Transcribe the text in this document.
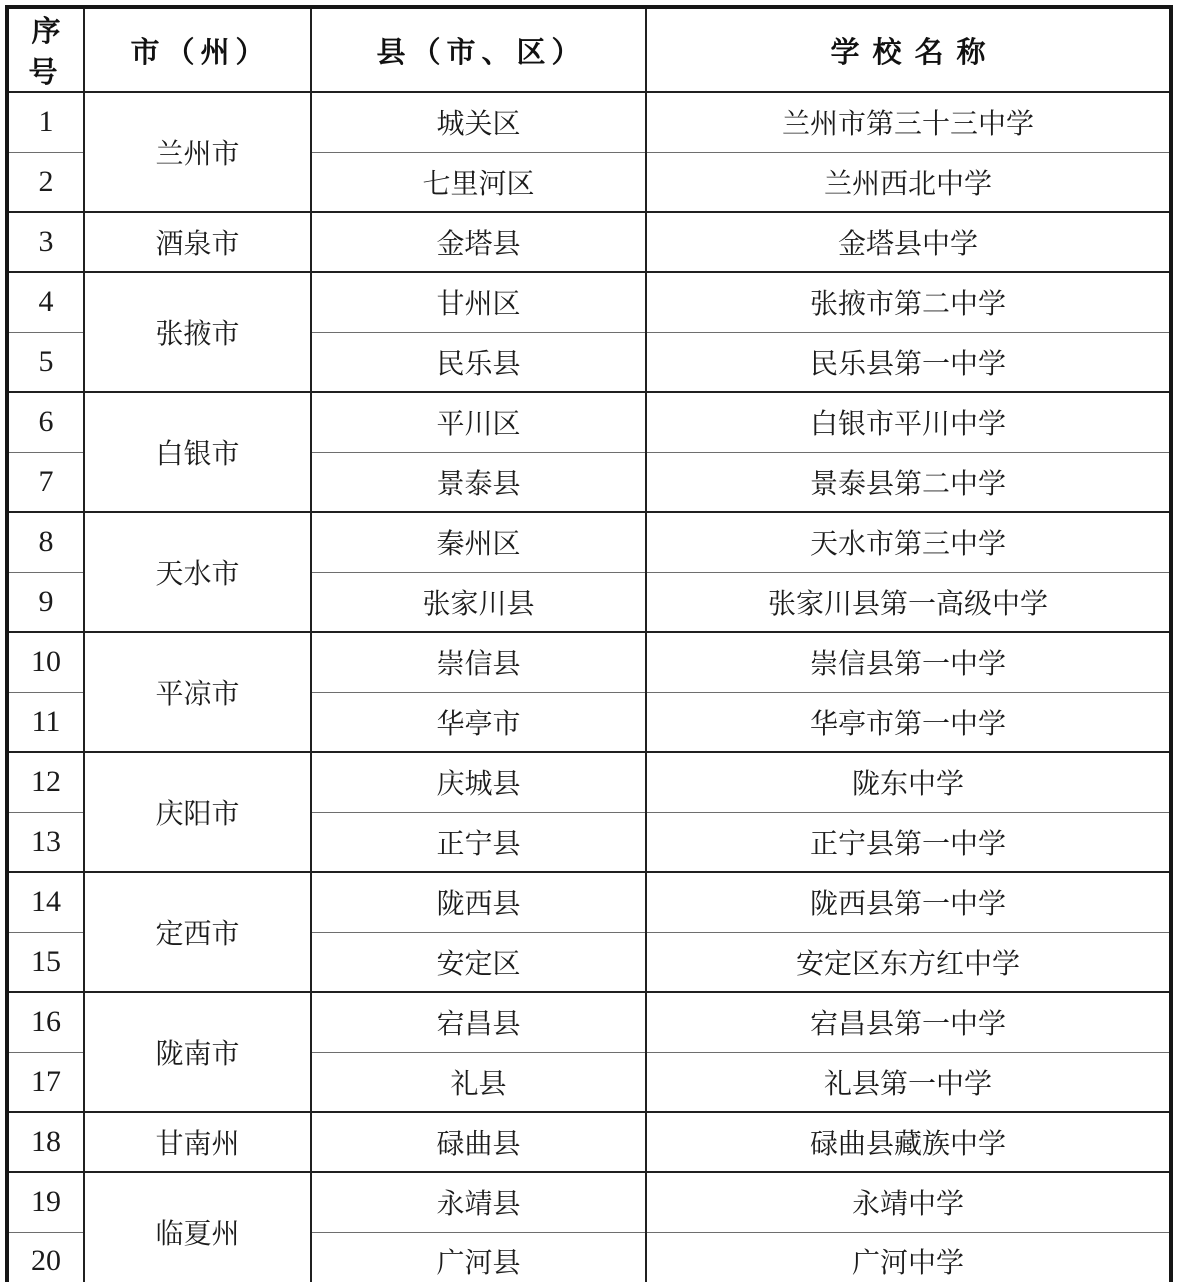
序号	市（州）	县（市、区）	学校名称
1	兰州市	城关区	兰州市第三十三中学
2		七里河区	兰州西北中学
3	酒泉市	金塔县	金塔县中学
4	张掖市	甘州区	张掖市第二中学
5		民乐县	民乐县第一中学
6	白银市	平川区	白银市平川中学
7		景泰县	景泰县第二中学
8	天水市	秦州区	天水市第三中学
9		张家川县	张家川县第一高级中学
10	平凉市	崇信县	崇信县第一中学
11		华亭市	华亭市第一中学
12	庆阳市	庆城县	陇东中学
13		正宁县	正宁县第一中学
14	定西市	陇西县	陇西县第一中学
15		安定区	安定区东方红中学
16	陇南市	宕昌县	宕昌县第一中学
17		礼县	礼县第一中学
18	甘南州	碌曲县	碌曲县藏族中学
19	临夏州	永靖县	永靖中学
20		广河县	广河中学
